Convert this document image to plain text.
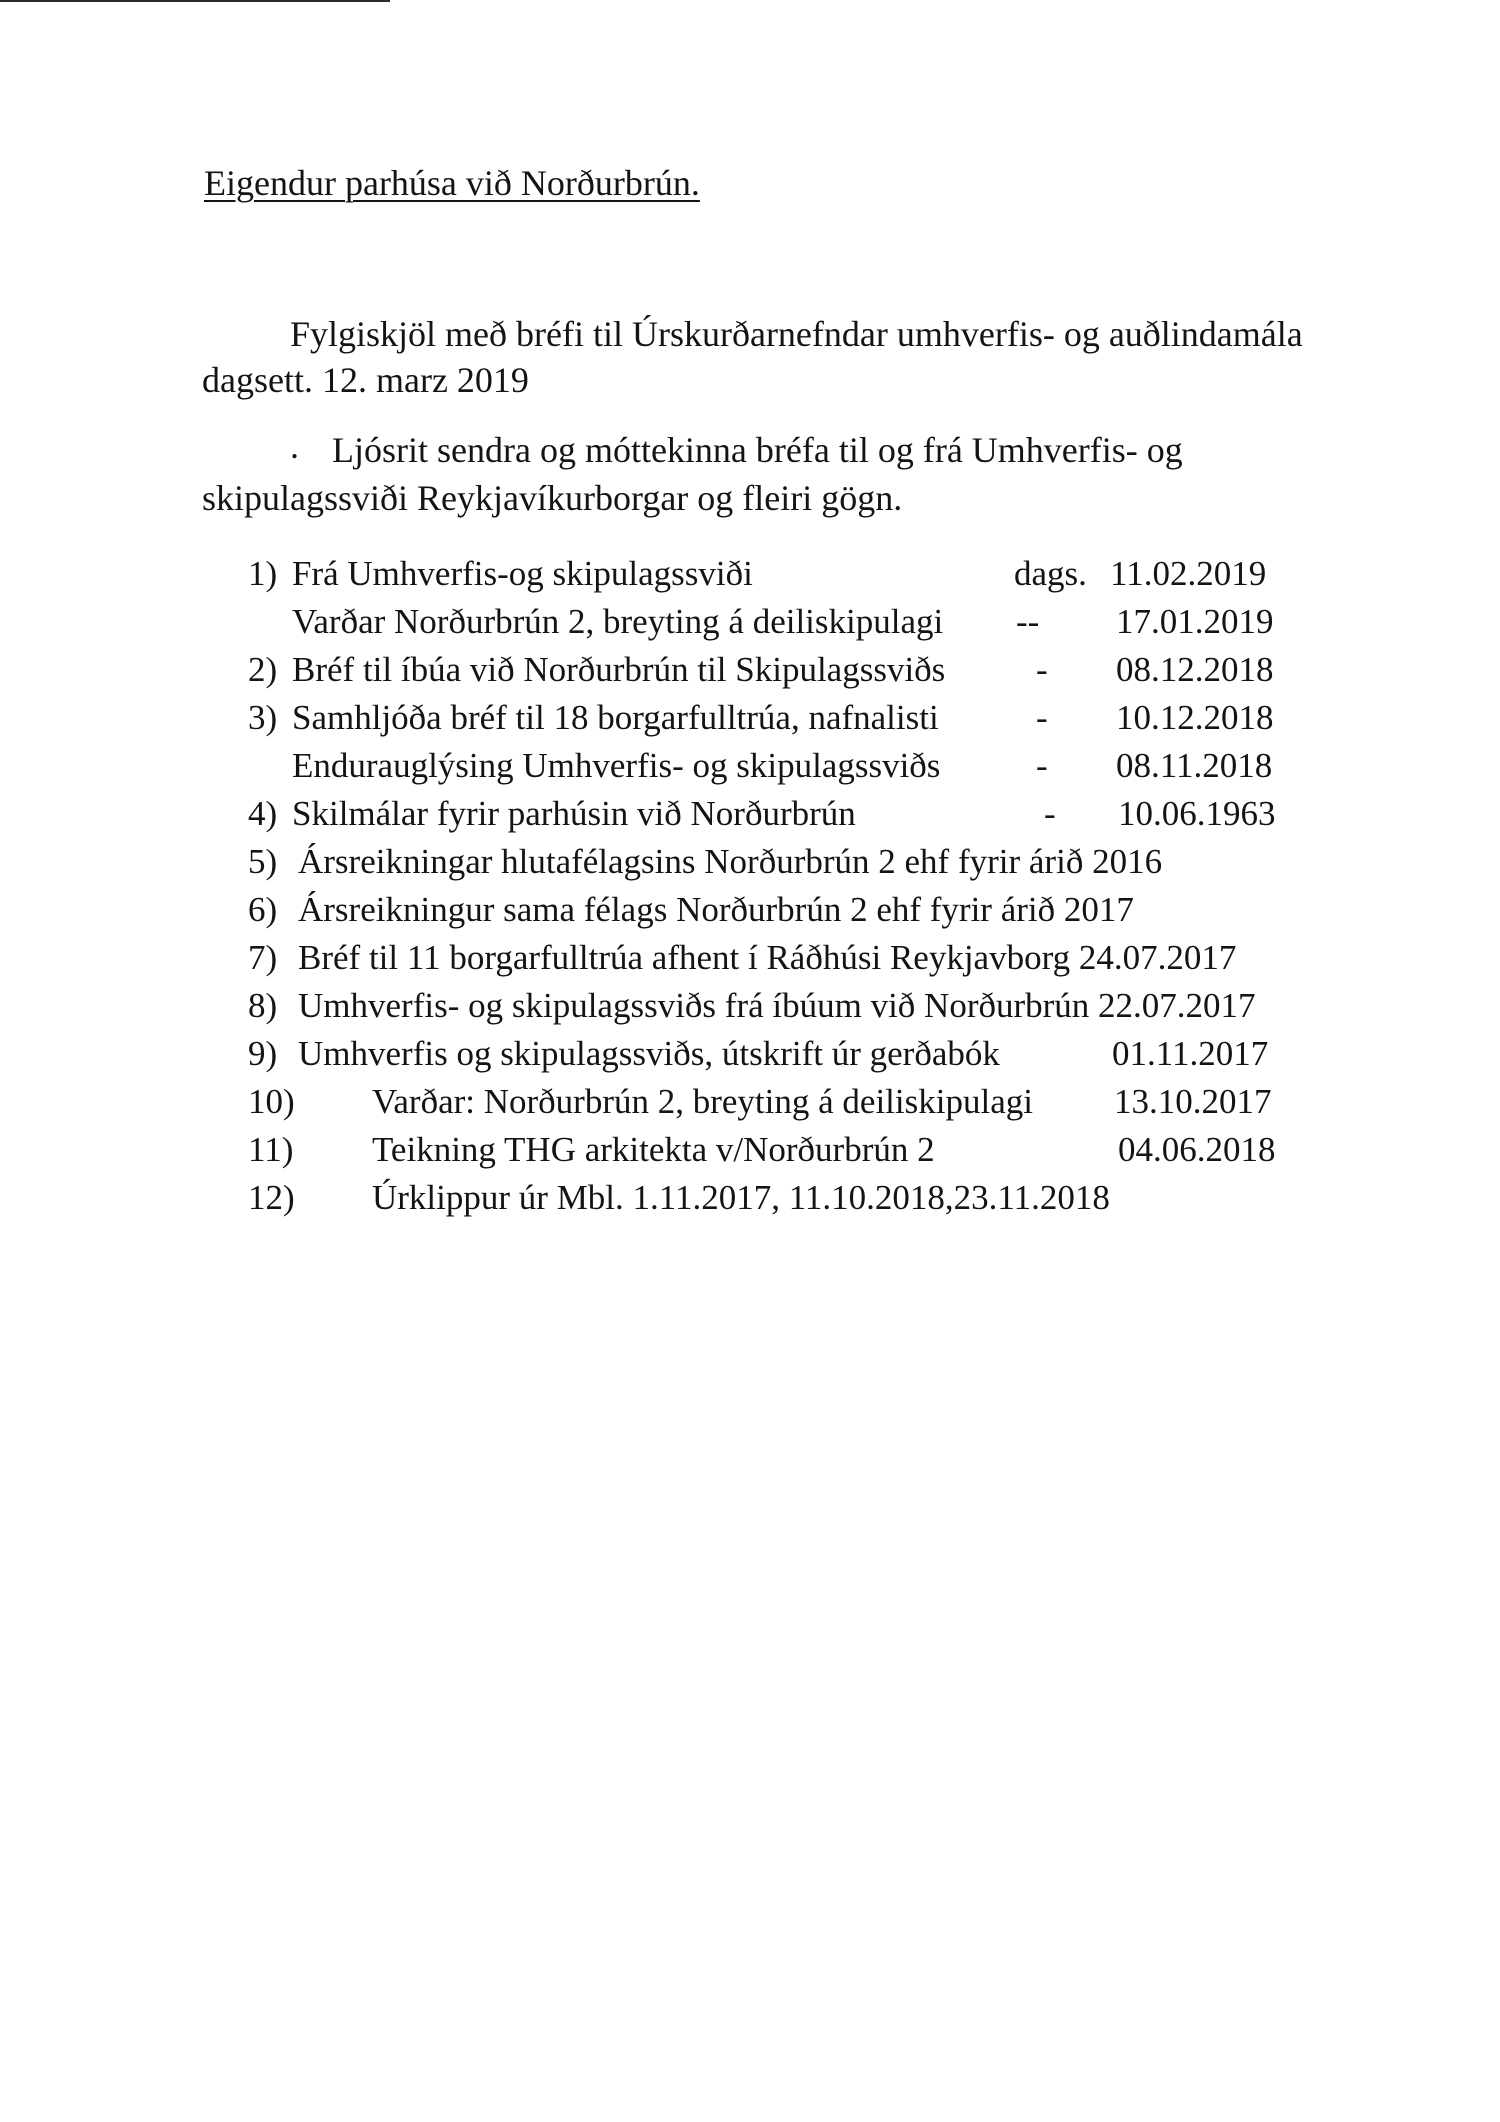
Eigendur parhúsa við Norðurbrún.
Fylgiskjöl með bréfi til Úrskurðarnefndar umhverfis- og auðlindamála
dagsett. 12. marz 2019
. Ljósrit sendra og móttekinna bréfa til og frá Umhverfis- og
skipulagssviði Reykjavíkurborgar og fleiri gögn.
1) Frá Umhverfis-og skipulagssviði	dags. 11.02.2019
Varðar Norðurbrún 2, breyting á deiliskipulagi -- 17.01.2019
2) Bréf til íbúa við Norðurbrún til Skipulagssviðs	- 08.12.2018
3) Samhljóða bréf til 18 borgarfulltrúa, nafnalisti	- 10.12.2018
Endurauglýsing Umhverfis- og skipulagssviðs	- 08.11.2018
4) Skilmálar fyrir parhúsin við Norðurbrún	- 10.06.1963
5) Ársreikningar hlutafélagsins Norðurbrún 2 ehf fyrir árið 2016
6) Ársreikningur sama félags Norðurbrún 2 ehf fyrir árið 2017
7) Bréf til 11 borgarfulltrúa afhent í Ráðhúsi Reykjavborg 24.07.2017
8) Umhverfis- og skipulagssviðs frá íbúum við Norðurbrún 22.07.2017
9) Umhverfis og skipulagssviðs, útskrift úr gerðabók	01.11.2017
10) Varðar: Norðurbrún 2, breyting á deiliskipulagi 13.10.2017
11) Teikning THG arkitekta v/Norðurbrún 2	04.06.2018
12) Úrklippur úr Mbl. 1.11.2017, 11.10.2018,23.11.2018
